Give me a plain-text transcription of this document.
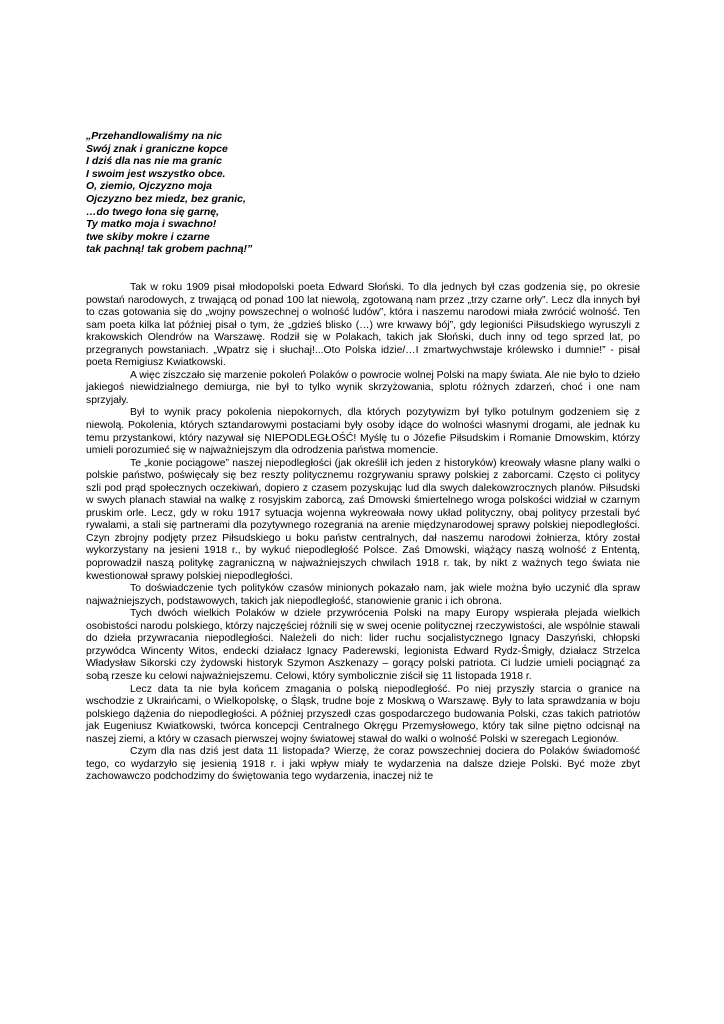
„Przehandlowaliśmy na nic
Swój znak i graniczne kopce
I dziś dla nas nie ma granic
I swoim jest wszystko obce.
O, ziemio, Ojczyzno moja
Ojczyzno bez miedz, bez granic,
…do twego łona się garnę,
Ty matko moja i swachno!
twe skiby mokre i czarne
tak pachną! tak grobem pachną!”

Tak w roku 1909 pisał młodopolski poeta Edward Słoński. To dla jednych był czas godzenia się, po okresie powstań narodowych, z trwającą od ponad 100 lat niewolą, zgotowaną nam przez „trzy czarne orły”. Lecz dla innych był to czas gotowania się do „wojny powszechnej o wolność ludów”, która i naszemu narodowi miała zwrócić wolność. Ten sam poeta kilka lat później pisał o tym, że „gdzieś blisko (…) wre krwawy bój”, gdy legioniści Piłsudskiego wyruszyli z krakowskich Olendrów na Warszawę. Rodził się w Polakach, takich jak Słoński, duch inny od tego sprzed lat, po przegranych powstaniach. „Wpatrz się i słuchaj!...Oto Polska idzie/…I zmartwychwstaje królewsko i dumnie!” - pisał poeta Remigiusz Kwiatkowski.

A więc ziszczało się marzenie pokoleń Polaków o powrocie wolnej Polski na mapy świata. Ale nie było to dzieło jakiegoś niewidzialnego demiurga, nie był to tylko wynik skrzyżowania, splotu różnych zdarzeń, choć i one nam sprzyjały.

Był to wynik pracy pokolenia niepokornych, dla których pozytywizm był tylko potulnym godzeniem się z niewolą. Pokolenia, których sztandarowymi postaciami były osoby idące do wolności własnymi drogami, ale jednak ku temu przystankowi, który nazywał się NIEPODLEGŁOŚĆ! Myślę tu o Józefie Piłsudskim i Romanie Dmowskim, którzy umieli porozumieć się w najważniejszym dla odrodzenia państwa momencie.

Te „konie pociągowe” naszej niepodległości (jak określił ich jeden z historyków) kreowały własne plany walki o polskie państwo, poświęcały się bez reszty politycznemu rozgrywaniu sprawy polskiej z zaborcami. Często ci politycy szli pod prąd społecznych oczekiwań, dopiero z czasem pozyskując lud dla swych dalekowzrocznych planów. Piłsudski w swych planach stawiał na walkę z rosyjskim zaborcą, zaś Dmowski śmiertelnego wroga polskości widział w czarnym pruskim orle. Lecz, gdy w roku 1917 sytuacja wojenna wykreowała nowy układ polityczny, obaj politycy przestali być rywalami, a stali się partnerami dla pozytywnego rozegrania na arenie międzynarodowej sprawy polskiej niepodległości. Czyn zbrojny podjęty przez Piłsudskiego u boku państw centralnych, dał naszemu narodowi żołnierza, który został wykorzystany na jesieni 1918 r., by wykuć niepodległość Polsce. Zaś Dmowski, wiążący naszą wolność z Ententą, poprowadził naszą politykę zagraniczną w najważniejszych chwilach 1918 r. tak, by nikt z ważnych tego świata nie kwestionował sprawy polskiej niepodległości.

To doświadczenie tych polityków czasów minionych pokazało nam, jak wiele można było uczynić dla spraw najważniejszych, podstawowych, takich jak niepodległość, stanowienie granic i ich obrona.

Tych dwóch wielkich Polaków w dziele przywrócenia Polski na mapy Europy wspierała plejada wielkich osobistości narodu polskiego, którzy najczęściej różnili się w swej ocenie politycznej rzeczywistości, ale wspólnie stawali do dzieła przywracania niepodległości. Należeli do nich: lider ruchu socjalistycznego Ignacy Daszyński, chłopski przywódca Wincenty Witos, endecki działacz Ignacy Paderewski, legionista Edward Rydz-Śmigły, działacz Strzelca Władysław Sikorski czy żydowski historyk Szymon Aszkenazy – gorący polski patriota. Ci ludzie umieli pociągnąć za sobą rzesze ku celowi najważniejszemu. Celowi, który symbolicznie ziścił się 11 listopada 1918 r.

Lecz data ta nie była końcem zmagania o polską niepodległość. Po niej przyszły starcia o granice na wschodzie z Ukraińcami, o Wielkopolskę, o Śląsk, trudne boje z Moskwą o Warszawę. Były to lata sprawdzania w boju polskiego dążenia do niepodległości. A później przyszedł czas gospodarczego budowania Polski, czas takich patriotów jak Eugeniusz Kwiatkowski, twórca koncepcji Centralnego Okręgu Przemysłowego, który tak silne piętno odcisnął na naszej ziemi, a który w czasach pierwszej wojny światowej stawał do walki o wolność Polski w szeregach Legionów.

Czym dla nas dziś jest data 11 listopada? Wierzę, że coraz powszechniej dociera do Polaków świadomość tego, co wydarzyło się jesienią 1918 r. i jaki wpływ miały te wydarzenia na dalsze dzieje Polski. Być może zbyt zachowawczo podchodzimy do świętowania tego wydarzenia, inaczej niż te
